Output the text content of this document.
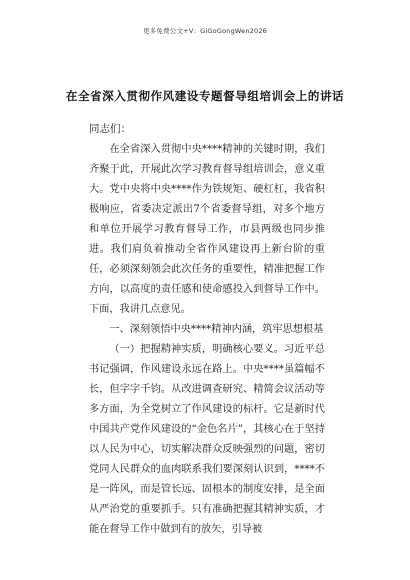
更多免费公文+V：GiGoGongWen2026
在全省深入贯彻作风建设专题督导组培训会上的讲话
同志们：

在全省深入贯彻中央****精神的关键时期，我们齐聚于此，开展此次学习教育督导组培训会，意义重大。党中央将中央****作为铁规矩、硬杠杠，我省积极响应，省委决定派出7个省委督导组，对多个地方和单位开展学习教育督导工作，市县两级也同步推进。我们肩负着推动全省作风建设再上新台阶的重任，必须深刻领会此次任务的重要性，精准把握工作方向，以高度的责任感和使命感投入到督导工作中。下面，我讲几点意见。

一、深刻领悟中央****精神内涵，筑牢思想根基

（一）把握精神实质，明确核心要义。习近平总书记强调，作风建设永远在路上。中央****虽篇幅不长，但字字千钧。从改进调查研究、精简会议活动等多方面，为全党树立了作风建设的标杆。它是新时代中国共产党作风建设的“金色名片”，其核心在于坚持以人民为中心，切实解决群众反映强烈的问题，密切党同人民群众的血肉联系我们要深刻认识到，****不是一阵风，而是管长远、固根本的制度安排，是全面从严治党的重要抓手。只有准确把握其精神实质，才能在督导工作中做到有的放矢，引导被
